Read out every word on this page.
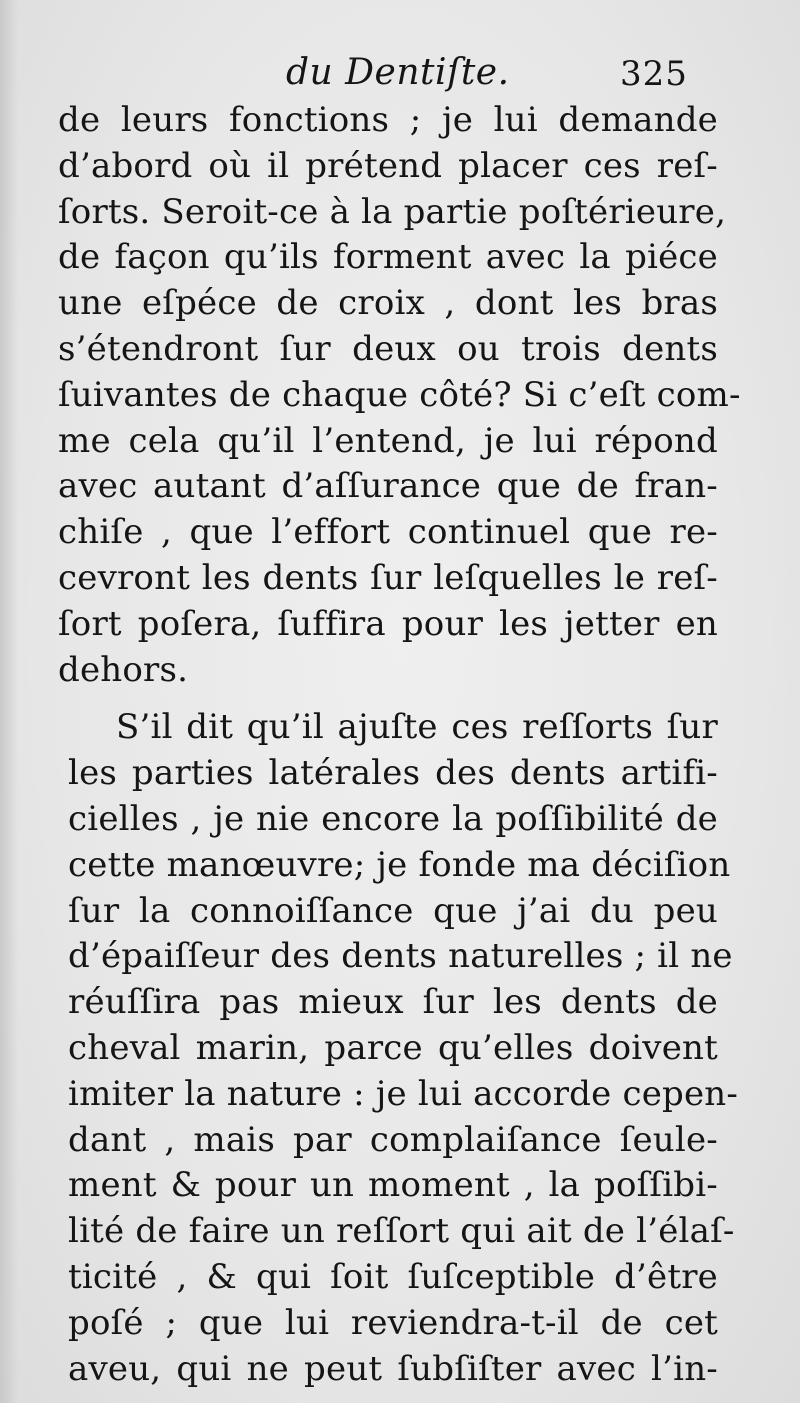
du Dentiſte.	325
de leurs fonctions ; je lui demande
d’abord où il prétend placer ces reſ-
ſorts. Seroit-ce à la partie poſtérieure,
de façon qu’ils forment avec la piéce
une eſpéce de croix , dont les bras
s’étendront ſur deux ou trois dents
ſuivantes de chaque côté? Si c’eſt com-
me cela qu’il l’entend, je lui répond
avec autant d’aſſurance que de fran-
chiſe , que l’effort continuel que re-
cevront les dents ſur leſquelles le reſ-
ſort poſera, ſuffira pour les jetter en
dehors.
S’il dit qu’il ajuſte ces reſſorts ſur
les parties latérales des dents artifi-
cielles , je nie encore la poſſibilité de
cette manœuvre; je fonde ma déciſion
ſur la connoiſſance que j’ai du peu
d’épaiſſeur des dents naturelles ; il ne
réuſſira pas mieux ſur les dents de
cheval marin, parce qu’elles doivent
imiter la nature : je lui accorde cepen-
dant , mais par complaiſance ſeule-
ment & pour un moment , la poſſibi-
lité de faire un reſſort qui ait de l’élaſ-
ticité , & qui ſoit ſuſceptible d’être
poſé ; que lui reviendra-t-il de cet
aveu, qui ne peut ſubſiſter avec l’in-
